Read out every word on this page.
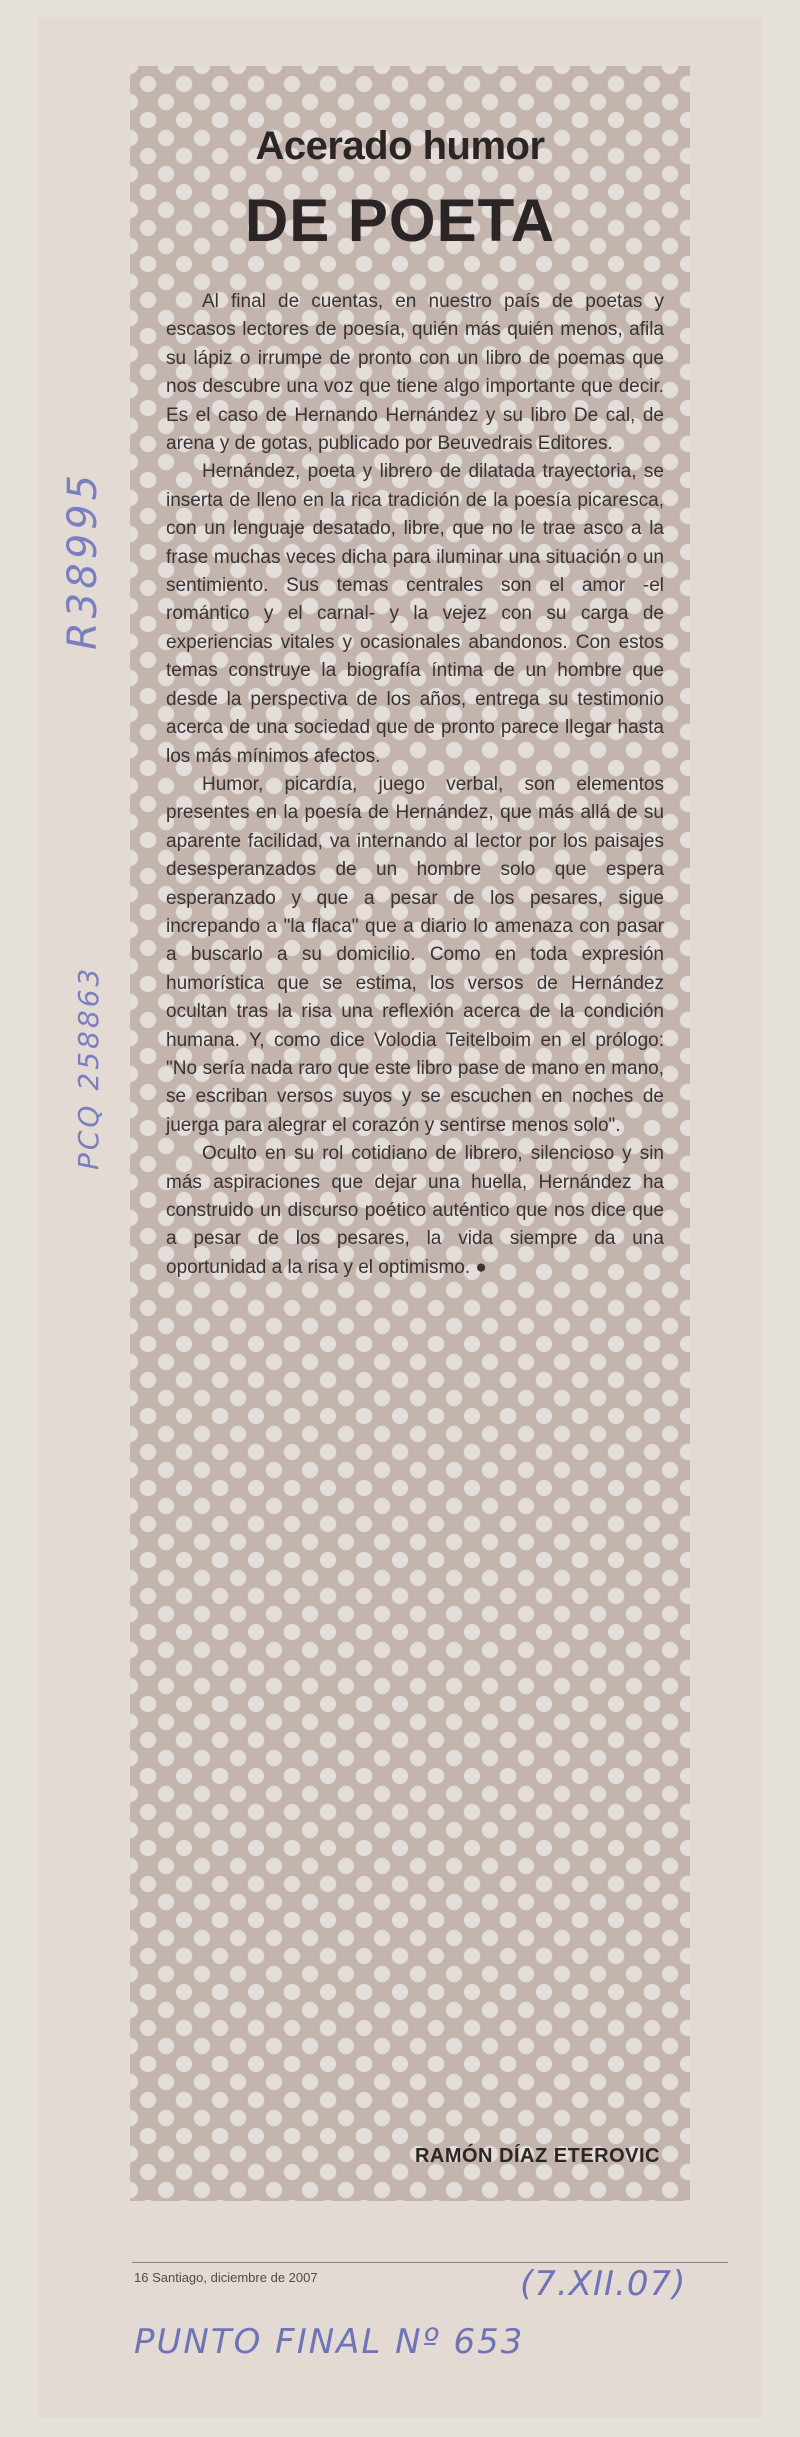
Acerado humor
DE POETA

Al final de cuentas, en nuestro país de poetas y escasos lectores de poesía, quién más quién menos, afila su lápiz o irrumpe de pronto con un libro de poemas que nos descubre una voz que tiene algo importante que decir. Es el caso de Hernando Hernández y su libro De cal, de arena y de gotas, publicado por Beuvedrais Editores.

Hernández, poeta y librero de dilatada trayectoria, se inserta de lleno en la rica tradición de la poesía picaresca, con un lenguaje desatado, libre, que no le trae asco a la frase muchas veces dicha para iluminar una situación o un sentimiento. Sus temas centrales son el amor -el romántico y el carnal- y la vejez con su carga de experiencias vitales y ocasionales abandonos. Con estos temas construye la biografía íntima de un hombre que desde la perspectiva de los años, entrega su testimonio acerca de una sociedad que de pronto parece llegar hasta los más mínimos afectos.

Humor, picardía, juego verbal, son elementos presentes en la poesía de Hernández, que más allá de su aparente facilidad, va internando al lector por los paisajes desesperanzados de un hombre solo que espera esperanzado y que a pesar de los pesares, sigue increpando a "la flaca" que a diario lo amenaza con pasar a buscarlo a su domicilio. Como en toda expresión humorística que se estima, los versos de Hernández ocultan tras la risa una reflexión acerca de la condición humana. Y, como dice Volodia Teitelboim en el prólogo: "No sería nada raro que este libro pase de mano en mano, se escriban versos suyos y se escuchen en noches de juerga para alegrar el corazón y sentirse menos solo".

Oculto en su rol cotidiano de librero, silencioso y sin más aspiraciones que dejar una huella, Hernández ha construido un discurso poético auténtico que nos dice que a pesar de los pesares, la vida siempre da una oportunidad a la risa y el optimismo. ●

RAMÓN DÍAZ ETEROVIC
16 Santiago, diciembre de 2007	(7.XII.07)
PUNTO FINAL Nº 653
R38995
PCQ 258863
